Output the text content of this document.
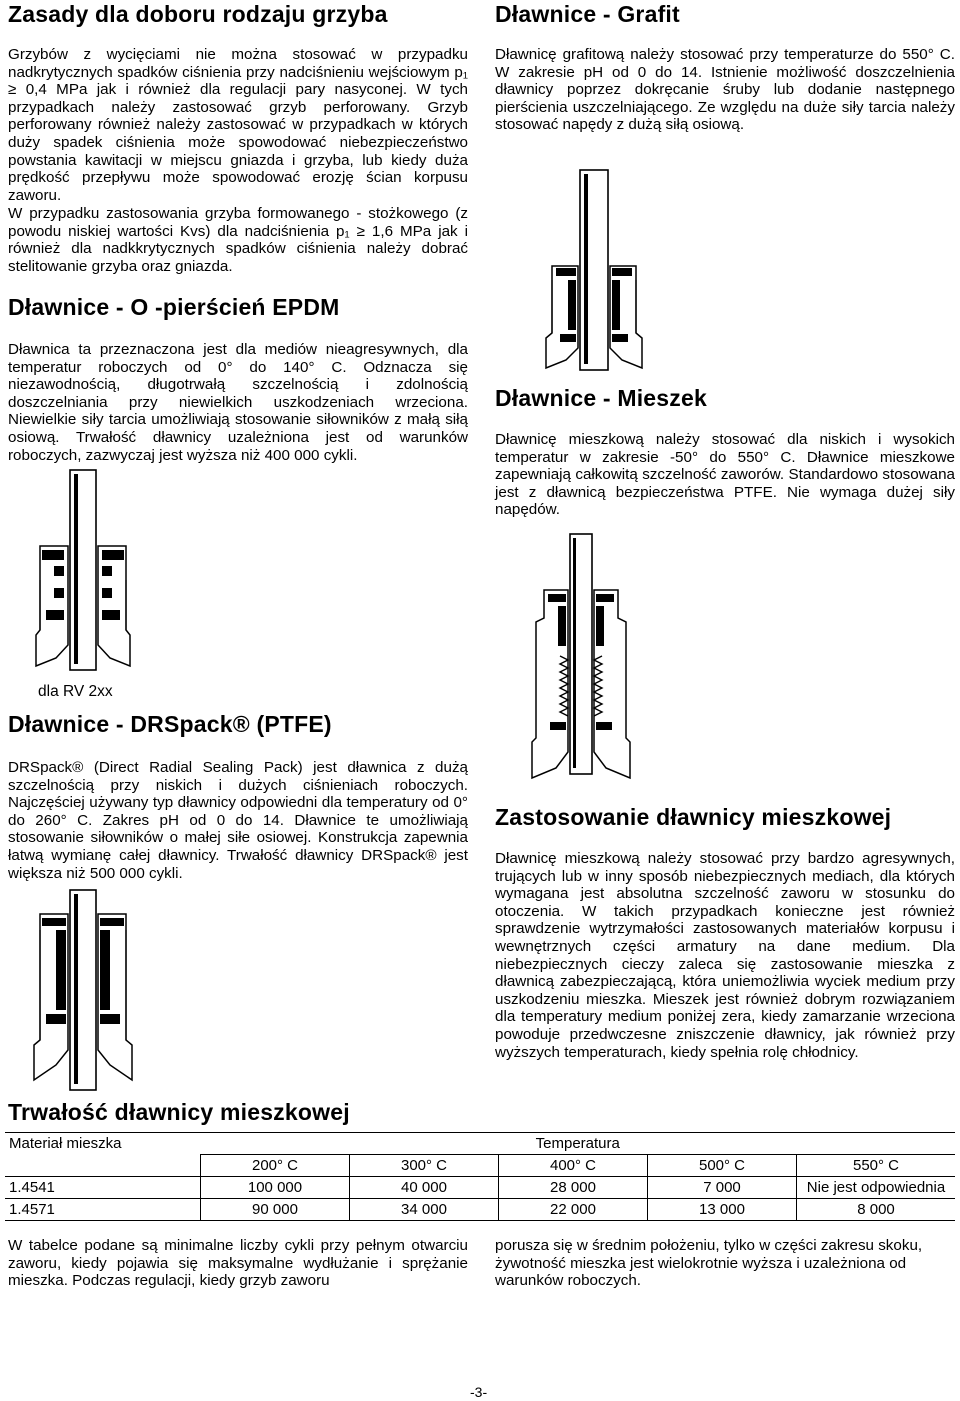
Zasady dla doboru rodzaju grzyba

Grzybów z wycięciami nie można stosować w przypadku nadkrytycznych spadków ciśnienia przy nadciśnieniu wejściowym p₁ ≥ 0,4 MPa jak i również dla regulacji pary nasyconej. W tych przypadkach należy zastosować grzyb perforowany. Grzyb perforowany również należy zastosować w przypadkach w których duży spadek ciśnienia może spowodować niebezpieczeństwo powstania kawitacji w miejscu gniazda i grzyba, lub kiedy duża prędkość przepływu może spowodować erozję ścian korpusu zaworu.

W przypadku zastosowania grzyba formowanego - stożkowego (z powodu niskiej wartości Kvs) dla nadciśnienia p₁ ≥ 1,6 MPa jak i również dla nadkkrytycznych spadków ciśnienia należy dobrać stelitowanie grzyba oraz gniazda.

Dławnice - O -pierścień EPDM

Dławnica ta przeznaczona jest dla mediów nieagresywnych, dla temperatur roboczych od 0° do 140° C. Odznacza się niezawodnością, długotrwałą szczelnością i zdolnością doszczelniania przy niewielkich uszkodzeniach wrzeciona. Niewielkie siły tarcia umożliwiają stosowanie siłowników z małą siłą osiową. Trwałość dławnicy uzależniona jest od warunków roboczych, zazwyczaj jest wyższa niż 400 000 cykli.

dla RV 2xx
Dławnice - DRSpack® (PTFE)

DRSpack® (Direct Radial Sealing Pack) jest dławnica z dużą szczelnością przy niskich i dużych ciśnieniach roboczych. Najczęściej używany typ dławnicy odpowiedni dla temperatury od 0° do 260° C. Zakres pH od 0 do 14. Dławnice te umożliwiają stosowanie siłowników o małej siłe osiowej. Konstrukcja zapewnia łatwą wymianę całej dławnicy. Trwałość dławnicy DRSpack® jest większa niż 500 000 cykli.

Dławnice - Grafit

Dławnicę grafitową należy stosować przy temperaturze do 550° C. W zakresie pH od 0 do 14. Istnienie możliwość doszczelnienia dławnicy poprzez dokręcanie śruby lub dodanie następnego pierścienia uszczelniającego. Ze względu na duże siły tarcia należy stosować napędy z dużą siłą osiową.

Dławnice - Mieszek

Dławnicę mieszkową należy stosować dla niskich i wysokich temperatur w zakresie -50° do 550° C. Dławnice mieszkowe zapewniają całkowitą szczelność zaworów. Standardowo stosowana jest z dławnicą bezpieczeństwa PTFE. Nie wymaga dużej siły napędów.

Zastosowanie dławnicy mieszkowej

Dławnicę mieszkową należy stosować przy bardzo agresywnych, trujących lub w inny sposób niebezpiecznych mediach, dla których wymagana jest absolutna szczelność zaworu w stosunku do otoczenia. W takich przypadkach konieczne jest również sprawdzenie wytrzymałości zastosowanych materiałów korpusu i wewnętrznych części armatury na dane medium. Dla niebezpiecznych cieczy zaleca się zastosowanie mieszka z dławnicą zabezpieczającą, która uniemożliwia wyciek medium przy uszkodzeniu mieszka. Mieszek jest również dobrym rozwiązaniem dla temperatury medium poniżej zera, kiedy zamarzanie wrzeciona powoduje przedwczesne zniszczenie dławnicy, jak również przy wyższych temperaturach, kiedy spełnia rolę chłodnicy.

Trwałość dławnicy mieszkowej
Materiał mieszka	Temperatura				
	200° C	300° C	400° C	500° C	550° C
1.4541	100 000	40 000	28 000	7 000	Nie jest odpowiednia
1.4571	90 000	34 000	22 000	13 000	8 000

W tabelce podane są minimalne liczby cykli przy pełnym otwarciu zaworu, kiedy pojawia się maksymalne wydłużanie i sprężanie mieszka. Podczas regulacji, kiedy grzyb zaworu

porusza się w średnim położeniu, tylko w części zakresu skoku, żywotność mieszka jest wielokrotnie wyższa i uzależniona od warunków roboczych.

-3-
